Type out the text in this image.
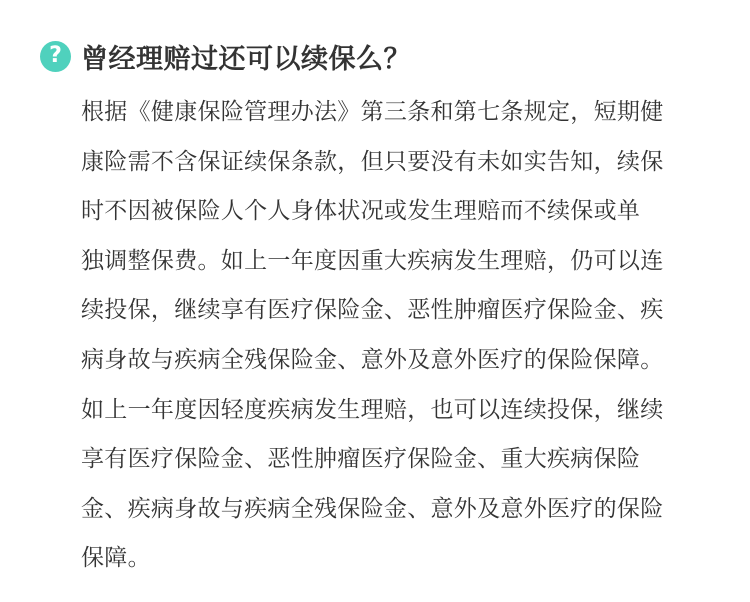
? 曾经理赔过还可以续保么？
根据《健康保险管理办法》第三条和第七条规定，短期健
康险需不含保证续保条款，但只要没有未如实告知，续保
时不因被保险人个人身体状况或发生理赔而不续保或单
独调整保费。如上一年度因重大疾病发生理赔，仍可以连
续投保，继续享有医疗保险金、恶性肿瘤医疗保险金、疾
病身故与疾病全残保险金、意外及意外医疗的保险保障。
如上一年度因轻度疾病发生理赔，也可以连续投保，继续
享有医疗保险金、恶性肿瘤医疗保险金、重大疾病保险
金、疾病身故与疾病全残保险金、意外及意外医疗的保险
保障。
